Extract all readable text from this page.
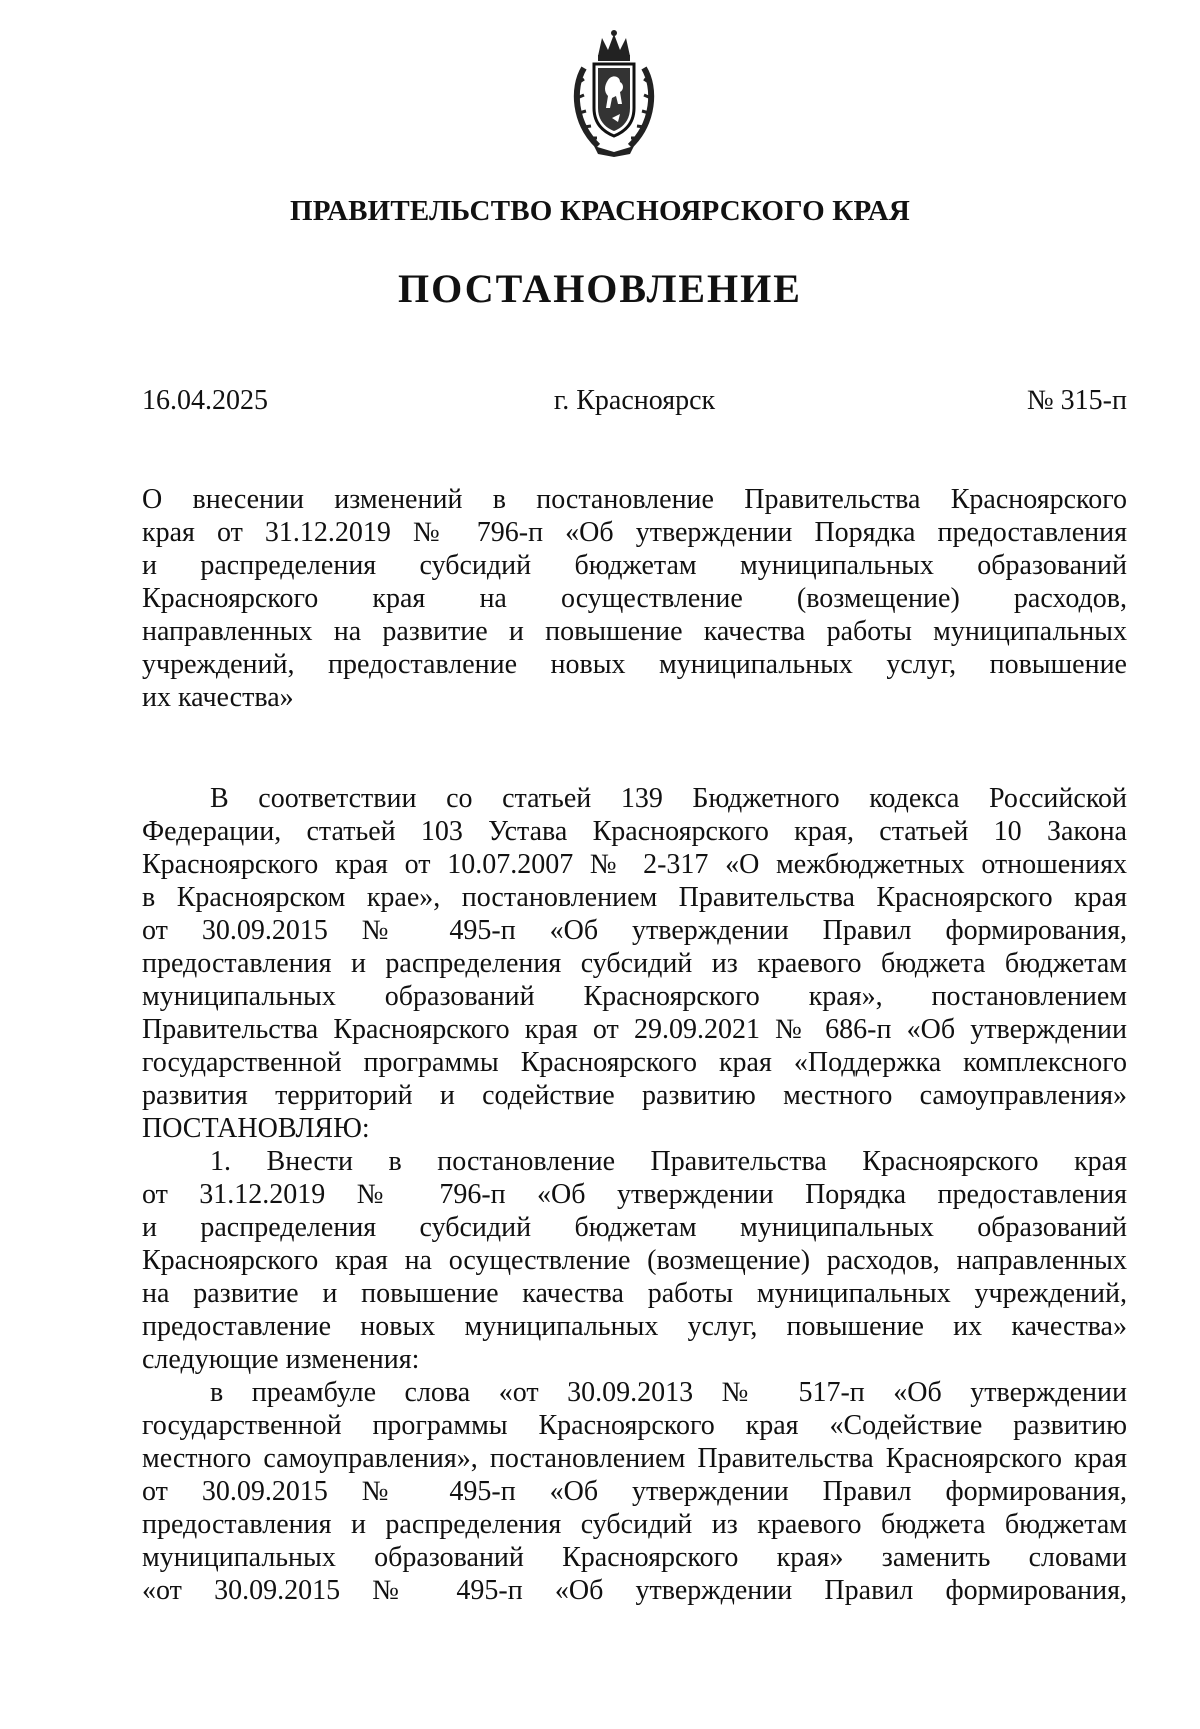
ПРАВИТЕЛЬСТВО КРАСНОЯРСКОГО КРАЯ
ПОСТАНОВЛЕНИЕ
г. Красноярск
16.04.2025	№ 315-п
О внесении изменений в постановление Правительства Красноярского
края от 31.12.2019 № 796-п «Об утверждении Порядка предоставления
и распределения субсидий бюджетам муниципальных образований
Красноярского края на осуществление (возмещение) расходов,
направленных на развитие и повышение качества работы муниципальных
учреждений, предоставление новых муниципальных услуг, повышение
их качества»
В соответствии со статьей 139 Бюджетного кодекса Российской
Федерации, статьей 103 Устава Красноярского края, статьей 10 Закона
Красноярского края от 10.07.2007 № 2-317 «О межбюджетных отношениях
в Красноярском крае», постановлением Правительства Красноярского края
от 30.09.2015 № 495-п «Об утверждении Правил формирования,
предоставления и распределения субсидий из краевого бюджета бюджетам
муниципальных образований Красноярского края», постановлением
Правительства Красноярского края от 29.09.2021 № 686-п «Об утверждении
государственной программы Красноярского края «Поддержка комплексного
развития территорий и содействие развитию местного самоуправления»
ПОСТАНОВЛЯЮ:
1. Внести в постановление Правительства Красноярского края
от 31.12.2019 № 796-п «Об утверждении Порядка предоставления
и распределения субсидий бюджетам муниципальных образований
Красноярского края на осуществление (возмещение) расходов, направленных
на развитие и повышение качества работы муниципальных учреждений,
предоставление новых муниципальных услуг, повышение их качества»
следующие изменения:
в преамбуле слова «от 30.09.2013 № 517-п «Об утверждении
государственной программы Красноярского края «Содействие развитию
местного самоуправления», постановлением Правительства Красноярского края
от 30.09.2015 № 495-п «Об утверждении Правил формирования,
предоставления и распределения субсидий из краевого бюджета бюджетам
муниципальных образований Красноярского края» заменить словами
«от 30.09.2015 № 495-п «Об утверждении Правил формирования,
